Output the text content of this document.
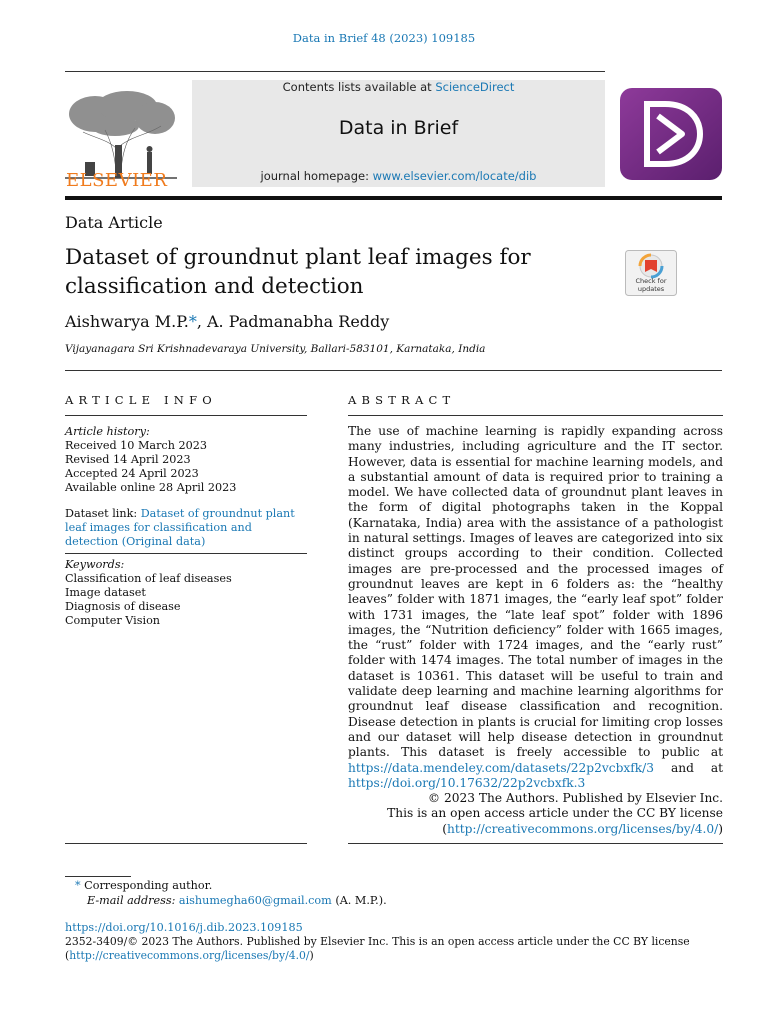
Data in Brief 48 (2023) 109185
ELSEVIER
Contents lists available at ScienceDirect
Data in Brief
journal homepage: www.elsevier.com/locate/dib
Data Article
Dataset of groundnut plant leaf images for classification and detection	Check for updates
Aishwarya M.P.*, A. Padmanabha Reddy
Vijayanagara Sri Krishnadevaraya University, Ballari-583101, Karnataka, India
ARTICLE INFO
Article history:
Received 10 March 2023
Revised 14 April 2023
Accepted 24 April 2023
Available online 28 April 2023
Dataset link: Dataset of groundnut plant leaf images for classification and detection (Original data)
Keywords:
Classification of leaf diseases
Image dataset
Diagnosis of disease
Computer Vision
ABSTRACT
The use of machine learning is rapidly expanding across many industries, including agriculture and the IT sector. However, data is essential for machine learning models, and a substantial amount of data is required prior to training a model. We have collected data of groundnut plant leaves in the form of digital photographs taken in the Koppal (Karnataka, India) area with the assistance of a pathologist in natural settings. Images of leaves are categorized into six distinct groups according to their condition. Collected images are pre-processed and the processed images of groundnut leaves are kept in 6 folders as: the “healthy leaves” folder with 1871 images, the “early leaf spot” folder with 1731 images, the “late leaf spot” folder with 1896 images, the “Nutrition deficiency” folder with 1665 images, the “rust” folder with 1724 images, and the “early rust” folder with 1474 images. The total number of images in the dataset is 10361. This dataset will be useful to train and validate deep learning and machine learning algorithms for groundnut leaf disease classification and recognition. Disease detection in plants is crucial for limiting crop losses and our dataset will help disease detection in groundnut plants. This dataset is freely accessible to public at https://data.mendeley.com/datasets/22p2vcbxfk/3 and at https://doi.org/10.17632/22p2vcbxfk.3
© 2023 The Authors. Published by Elsevier Inc.
This is an open access article under the CC BY license
(http://creativecommons.org/licenses/by/4.0/)
* Corresponding author.
E-mail address: aishumegha60@gmail.com (A. M.P.).
https://doi.org/10.1016/j.dib.2023.109185
2352-3409/© 2023 The Authors. Published by Elsevier Inc. This is an open access article under the CC BY license
(http://creativecommons.org/licenses/by/4.0/)
